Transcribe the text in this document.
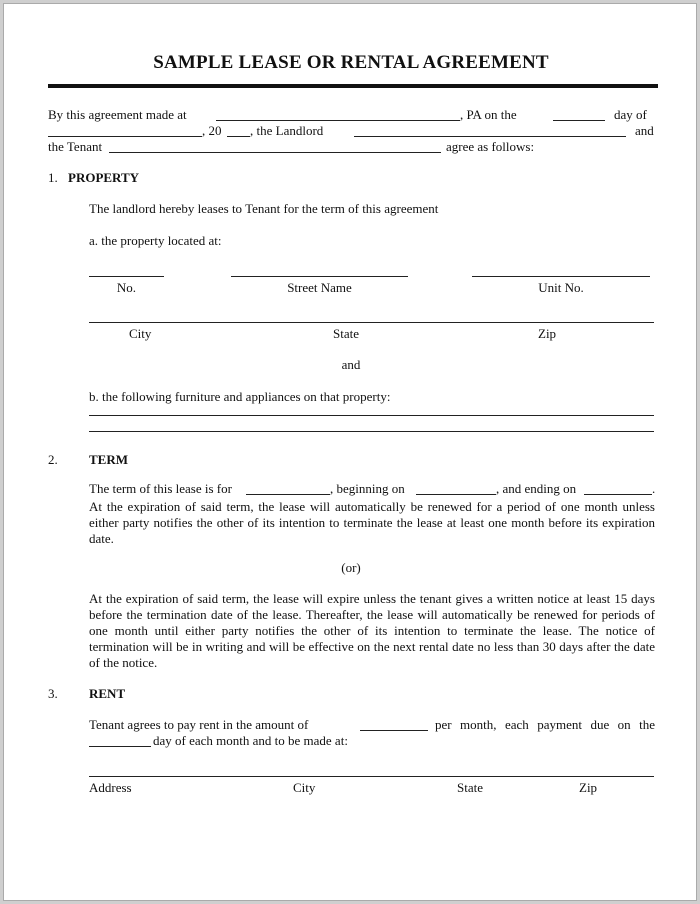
SAMPLE LEASE OR RENTAL AGREEMENT
By this agreement made at	, PA on the	day of
, 20 , the Landlord	and
the Tenant	agree as follows:
1. PROPERTY
The landlord hereby leases to Tenant for the term of this agreement
a. the property located at:
No.	Street Name	Unit No.
City	State	Zip
and
b. the following furniture and appliances on that property:
2. TERM
The term of this lease is for	, beginning on	, and ending on	.
At the expiration of said term, the lease will automatically be renewed for a period of one month unless either party notifies the other of its intention to terminate the lease at least one month before its expiration date.
(or)
At the expiration of said term, the lease will expire unless the tenant gives a written notice at least 15 days before the termination date of the lease. Thereafter, the lease will automatically be renewed for periods of one month until either party notifies the other of its intention to terminate the lease. The notice of termination will be in writing and will be effective on the next rental date no less than 30 days after the date of the notice.
3. RENT
Tenant agrees to pay rent in the amount of	per month, each payment due on the
day of each month and to be made at:
Address	City	State	Zip
